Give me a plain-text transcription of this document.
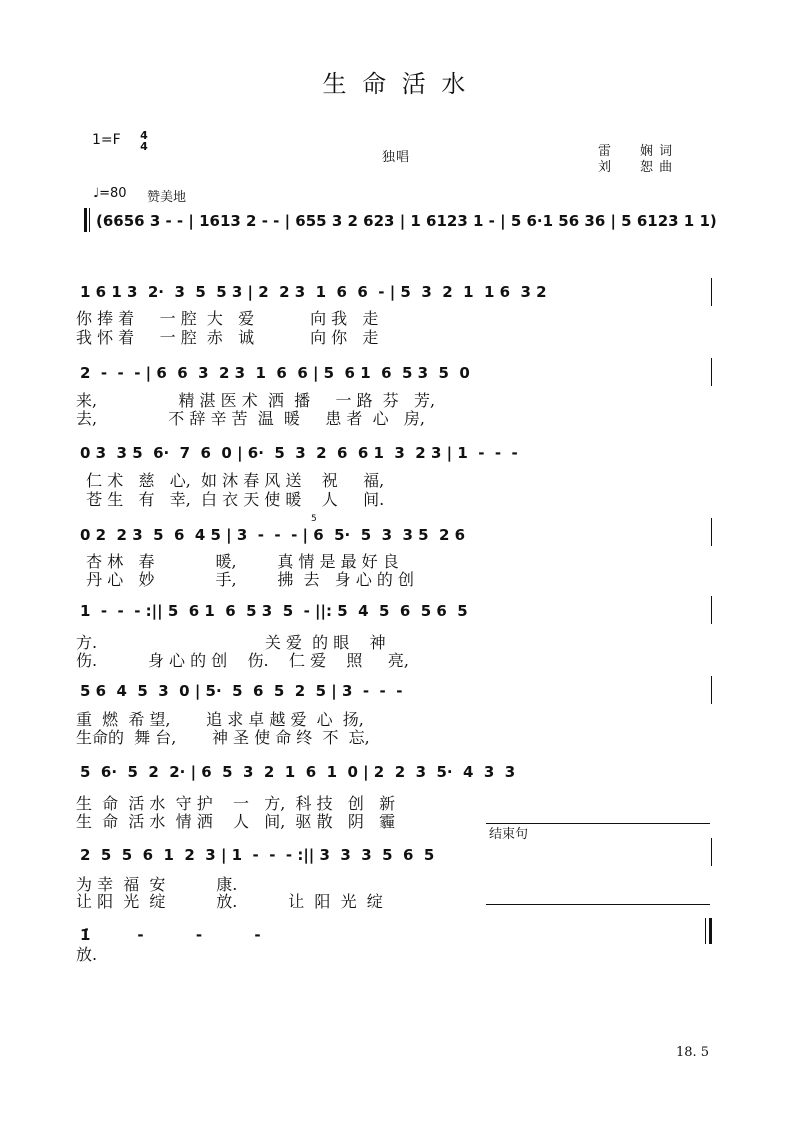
生 命 活 水
1=F 4
4
独唱	雷　　娴 词
刘　　恕 曲
♩=80 赞美地
(6656 3 - - | 1613 2 - - | 655 3 2 623 | 1 6123 1 - | 5 6·1 56 36 | 5 6123 1 1)
1 6 1 3  2·  3  5  5 3 | 2  2 3  1  6  6  - | 5  3  2  1  1 6  3 2
你 捧 着     一 腔  大   爱           向 我   走
我 怀 着     一 腔  赤   诚           向 你   走
2  -  -  - | 6  6  3  2 3  1  6  6 | 5  6 1  6  5 3  5  0
来,                精 湛 医 术  洒  播     一 路  芬   芳,
去,              不 辞 辛 苦  温  暖     患 者  心   房,
0 3  3 5  6·  7  6  0 | 6·  5  3  2  6  6 1  3  2 3 | 1  -  -  -
仁 术   慈   心,  如 沐 春 风 送    祝     福,
苍 生   有   幸,  白 衣 天 使 暖    人     间.
5
0 2  2 3  5  6  4 5 | 3  -  -  - | 6  5·  5  3  3 5  2 6
杏 林   春            暖,        真 情 是 最 好 良
丹 心   妙            手,        拂  去   身 心 的 创
1  -  -  - :|| 5  6 1  6  5 3  5  - ||: 5  4  5  6  5 6  5
方.                                 关 爱  的 眼    神
伤.          身 心 的 创    伤.    仁 爱    照     亮,
5 6  4  5  3  0 | 5·  5  6  5  2  5 | 3  -  -  -
重  燃  希 望,       追 求 卓 越 爱  心  扬,
生命的  舞 台,       神 圣 使 命 终  不  忘,
5  6·  5  2  2· | 6  5  3  2  1  6  1  0 | 2  2  3  5·  4  3  3
生  命  活 水  守 护    一   方,  科 技   创   新
生  命  活 水  情 洒    人   间,  驱 散   阴   霾
结束句
2  5  5  6  1  2  3 | 1  -  -  - :|| 3  3  3  5  6  5
为 幸  福  安          康.
让 阳  光  绽          放.          让  阳  光  绽
1̇         -          -          -
放.
18. 5
